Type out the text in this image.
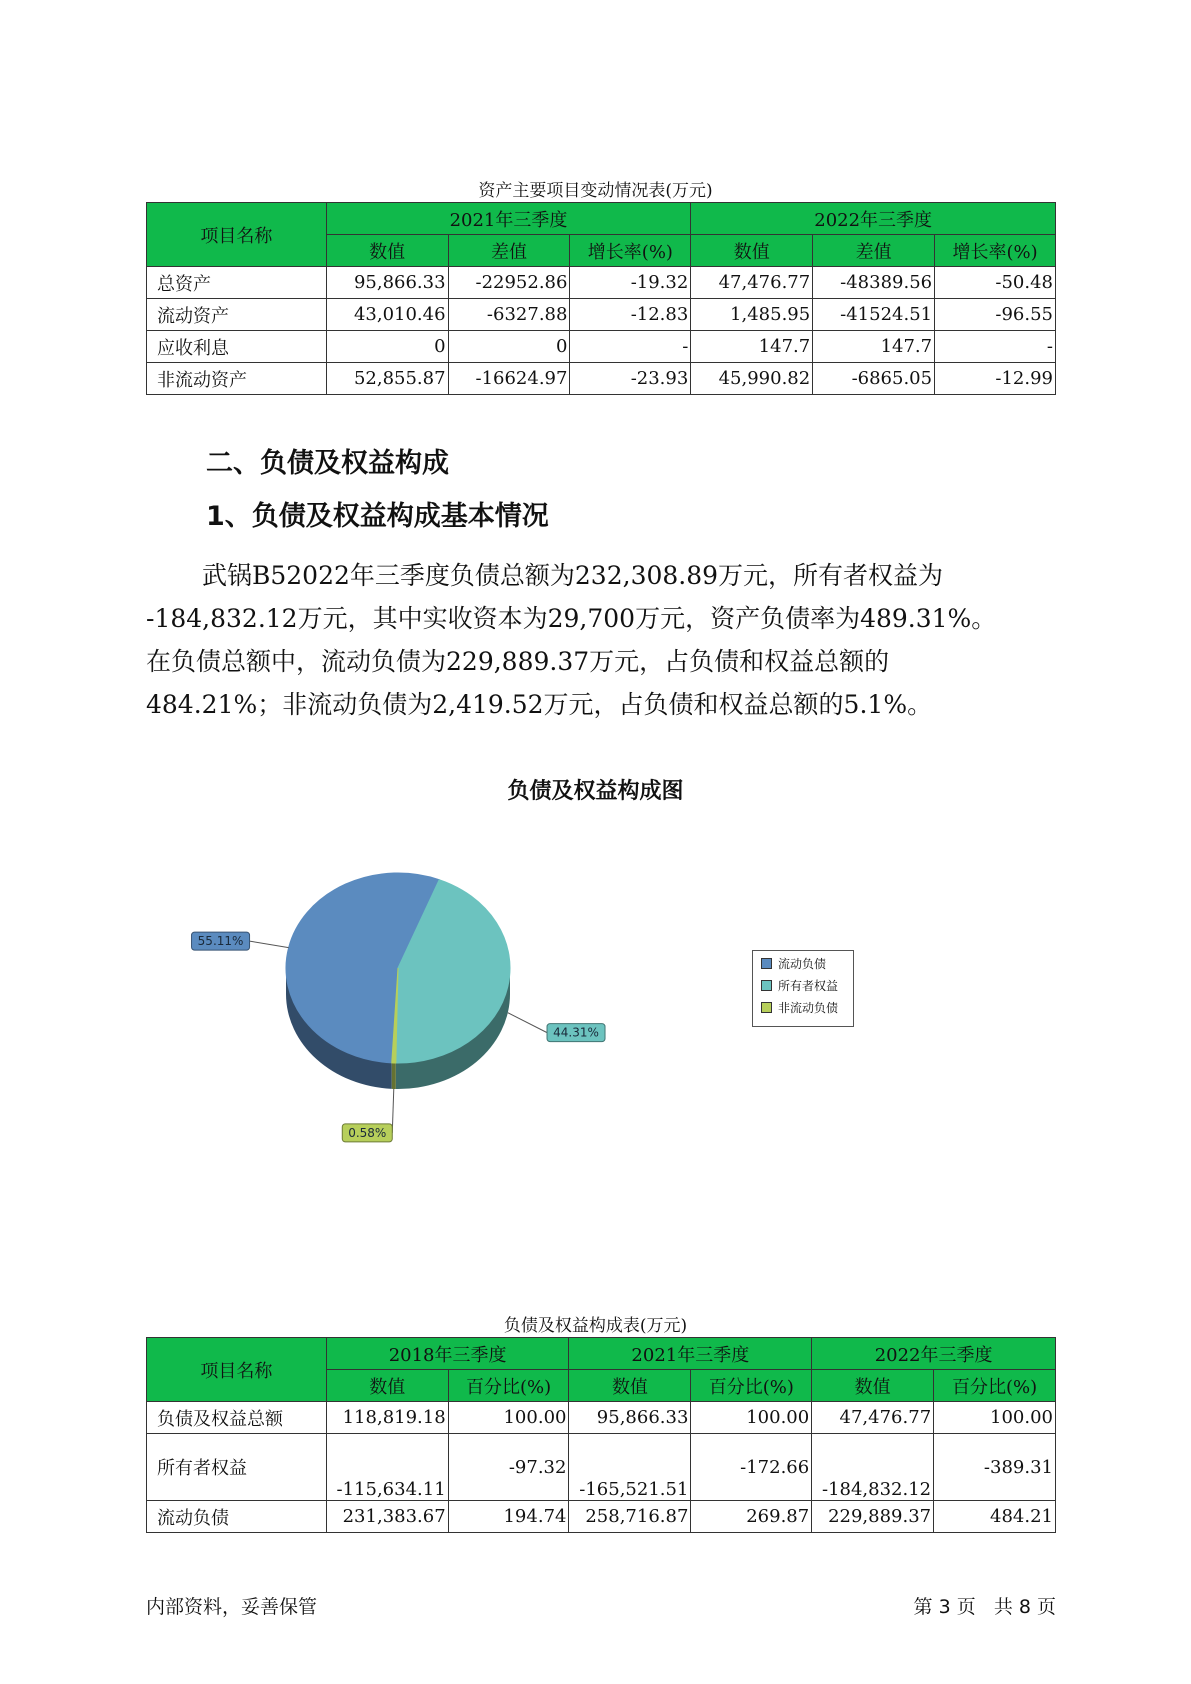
资产主要项目变动情况表(万元)
项目名称	2021年三季度			2022年三季度		
	数值	差值	增长率(%)	数值	差值	增长率(%)
总资产	95,866.33	-22952.86	-19.32	47,476.77	-48389.56	-50.48
流动资产	43,010.46	-6327.88	-12.83	1,485.95	-41524.51	-96.55
应收利息	0	0	-	147.7	147.7	-
非流动资产	52,855.87	-16624.97	-23.93	45,990.82	-6865.05	-12.99
二、负债及权益构成
1、负债及权益构成基本情况

武锅B52022年三季度负债总额为232,308.89万元，所有者权益为

-184,832.12万元，其中实收资本为29,700万元，资产负债率为489.31%。

在负债总额中，流动负债为229,889.37万元，占负债和权益总额的

484.21%；非流动负债为2,419.52万元，占负债和权益总额的5.1%。

负债及权益构成图
55.11%
44.31%
0.58%
流动负债
所有者权益
非流动负债
负债及权益构成表(万元)
项目名称	2018年三季度		2021年三季度		2022年三季度	
	数值	百分比(%)	数值	百分比(%)	数值	百分比(%)
负债及权益总额	118,819.18	100.00	95,866.33	100.00	47,476.77	100.00
所有者权益	-115,634.11	-97.32	-165,521.51	-172.66	-184,832.12	-389.31
流动负债	231,383.67	194.74	258,716.87	269.87	229,889.37	484.21
内部资料，妥善保管	第 3 页   共 8 页
